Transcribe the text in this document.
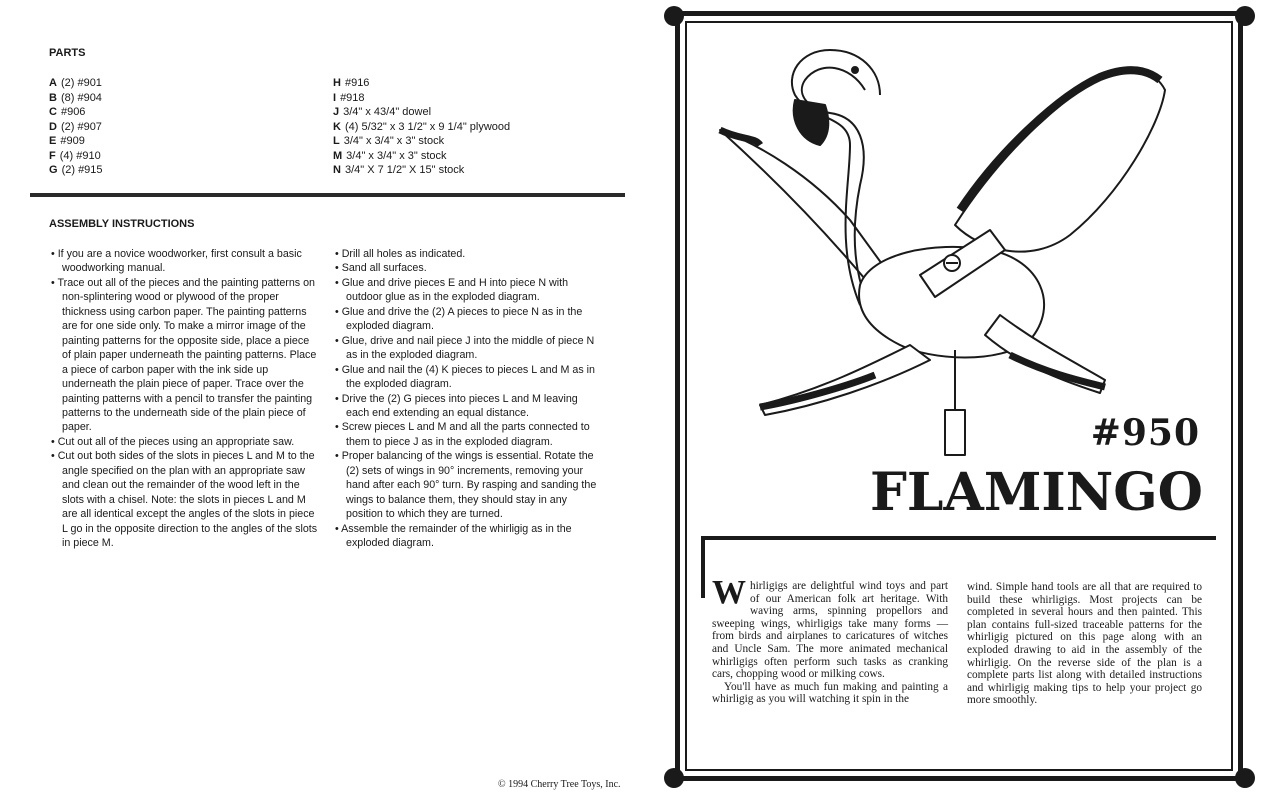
PARTS
A (2) #901
B (8) #904
C #906
D (2) #907
E #909
F (4) #910
G (2) #915
H #916
I #918
J 3/4" x 43/4" dowel
K (4) 5/32" x 3 1/2" x 9 1/4" plywood
L 3/4" x 3/4" x 3" stock
M 3/4" x 3/4" x 3" stock
N 3/4" X 7 1/2" X 15" stock
ASSEMBLY INSTRUCTIONS

• If you are a novice woodworker, first consult a basic woodworking manual.

• Trace out all of the pieces and the painting patterns on non-splintering wood or plywood of the proper thickness using carbon paper. The painting patterns are for one side only. To make a mirror image of the painting patterns for the opposite side, place a piece of plain paper underneath the painting patterns. Place a piece of carbon paper with the ink side up underneath the plain piece of paper. Trace over the painting patterns with a pencil to transfer the painting patterns to the underneath side of the plain piece of paper.

• Cut out all of the pieces using an appropriate saw.

• Cut out both sides of the slots in pieces L and M to the angle specified on the plan with an appropriate saw and clean out the remainder of the wood left in the slots with a chisel. Note: the slots in pieces L and M are all identical except the angles of the slots in piece L go in the opposite direction to the angles of the slots in piece M.

• Drill all holes as indicated.

• Sand all surfaces.

• Glue and drive pieces E and H into piece N with outdoor glue as in the exploded diagram.

• Glue and drive the (2) A pieces to piece N as in the exploded diagram.

• Glue, drive and nail piece J into the middle of piece N as in the exploded diagram.

• Glue and nail the (4) K pieces to pieces L and M as in the exploded diagram.

• Drive the (2) G pieces into pieces L and M leaving each end extending an equal distance.

• Screw pieces L and M and all the parts connected to them to piece J as in the exploded diagram.

• Proper balancing of the wings is essential. Rotate the (2) sets of wings in 90° increments, removing your hand after each 90° turn. By rasping and sanding the wings to balance them, they should stay in any position to which they are turned.

• Assemble the remainder of the whirligig as in the exploded diagram.

© 1994 Cherry Tree Toys, Inc.
#950
FLAMINGO
W hirligigs are delightful wind toys and part of our American folk art heritage. With waving arms, spinning propellors and sweeping wings, whirligigs take many forms — from birds and airplanes to caricatures of witches and Uncle Sam. The more animated mechanical whirligigs often perform such tasks as cranking cars, chopping wood or milking cows.
You'll have as much fun making and painting a whirligig as you will watching it spin in the
wind. Simple hand tools are all that are required to build these whirligigs. Most projects can be completed in several hours and then painted. This plan contains full-sized traceable patterns for the whirligig pictured on this page along with an exploded drawing to aid in the assembly of the whirligig. On the reverse side of the plan is a complete parts list along with detailed instructions and whirligig making tips to help your project go more smoothly.
